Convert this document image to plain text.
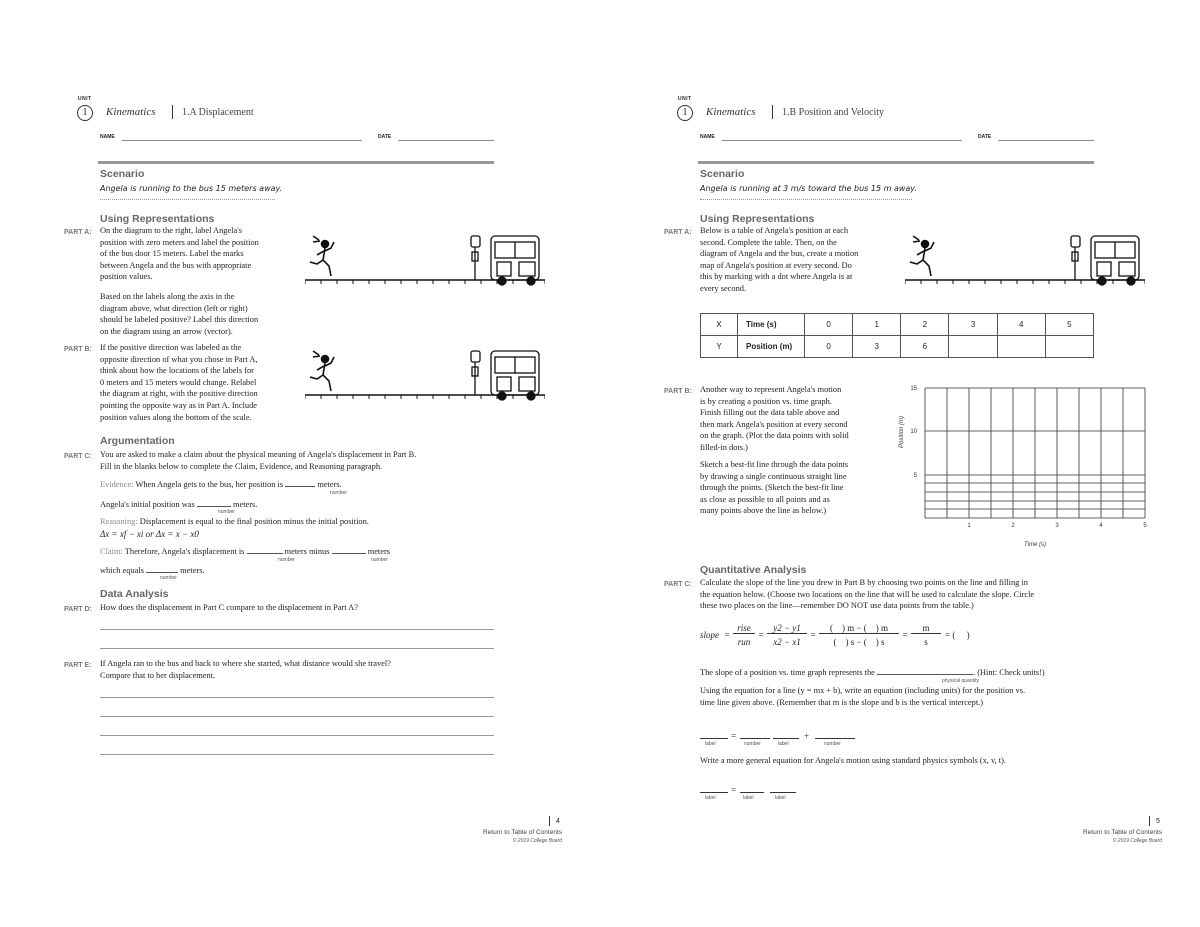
UNIT
1	Kinematics	1.A Displacement
NAME	DATE
Scenario
Angela is running to the bus 15 meters away.
Using Representations
PART A: On the diagram to the right, label Angela's
position with zero meters and label the position
of the bus door 15 meters. Label the marks
between Angela and the bus with appropriate
position values.
Based on the labels along the axis in the
diagram above, what direction (left or right)
should be labeled positive? Label this direction
on the diagram using an arrow (vector).
PART B: If the positive direction was labeled as the
opposite direction of what you chose in Part A,
think about how the locations of the labels for
0 meters and 15 meters would change. Relabel
the diagram at right, with the positive direction
pointing the opposite way as in Part A. Include
position values along the bottom of the scale.
Argumentation
PART C: You are asked to make a claim about the physical meaning of Angela's displacement in Part B.
Fill in the blanks below to complete the Claim, Evidence, and Reasoning paragraph.
Evidence: When Angela gets to the bus, her position is	meters.
number
Angela's initial position was	meters.
number
Reasoning: Displacement is equal to the final position minus the initial position.
Δx = xf − xi or Δx = x − x0
Claim: Therefore, Angela's displacement is	meters minus	meters
number	number
which equals	meters.
number
Data Analysis
PART D: How does the displacement in Part C compare to the displacement in Part A?
PART E: If Angela ran to the bus and back to where she started, what distance would she travel?
Compare that to her displacement.
4
Return to Table of Contents
© 2019 College Board
UNIT
1	Kinematics	1.B Position and Velocity
NAME	DATE
Scenario
Angela is running at 3 m/s toward the bus 15 m away.
Using Representations
PART A: Below is a table of Angela's position at each
second. Complete the table. Then, on the
diagram of Angela and the bus, create a motion
map of Angela's position at every second. Do
this by marking with a dot where Angela is at
every second.
X	Time (s)	0	1	2	3	4	5
Y	Position (m)	0	3	6			
PART B: Another way to represent Angela's motion
is by creating a position vs. time graph.
Finish filling out the data table above and
then mark Angela's position at every second
on the graph. (Plot the data points with solid
filled-in dots.)
Sketch a best-fit line through the data points
by drawing a single continuous straight line
through the points. (Sketch the best-fit line
as close as possible to all points and as
many points above the line as below.)
15
10
5
1	2	3	4	5
Time (s)
Position (m)
Quantitative Analysis
PART C: Calculate the slope of the line you drew in Part B by choosing two points on the line and filling in
the equation below. (Choose two locations on the line that will be used to calculate the slope. Circle
these two places on the line—remember DO NOT use data points from the table.)
slope =
rise
run
=
y2 − y1
x2 − x1
=
(    ) m − (    ) m
(    ) s − (    ) s
=
m
s
= (     )
The slope of a position vs. time graph represents the	. (Hint: Check units!)
physical quantity
Using the equation for a line (y = mx + b), write an equation (including units) for the position vs.
time line given above. (Remember that m is the slope and b is the vertical intercept.)
=	+
label	number	label	number
Write a more general equation for Angela's motion using standard physics symbols (x, v, t).
=
label	label	label
5
Return to Table of Contents
© 2019 College Board
